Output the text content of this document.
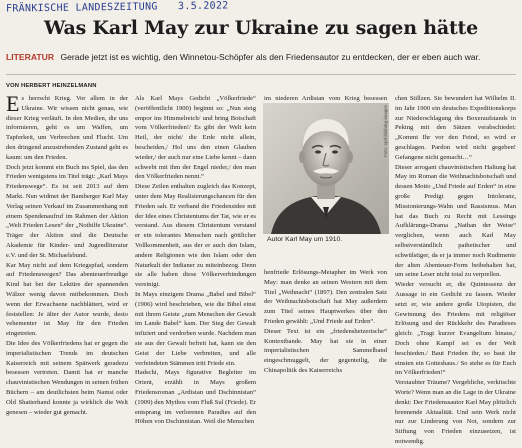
FRÄNKISCHE LANDESZEITUNG 3.5.2022
Was Karl May zur Ukraine zu sagen hätte
LITERATUR Gerade jetzt ist es wichtig, den Winnetou-Schöpfer als den Friedensautor zu entdecken, der er eben auch war.
VON HERBERT HEINZELMANN

Es herrscht Krieg. Vor allem in der Ukraine. Wir wissen nicht genau, wie dieser Krieg verläuft. In den Medien, die uns informieren, geht es um Waffen, um Tapferkeit, um Verbrechen und Flucht. Um den dringend anzustrebenden Zustand geht es kaum: um den Frieden.

Doch jetzt kommt ein Buch ins Spiel, das den Frieden wenigstens im Titel trägt: „Karl Mays Friedenswege“. Es ist seit 2013 auf dem Markt. Nun widmet der Bamberger Karl May Verlag seinen Verkauf im Zusammenhang mit einem Spendenaufruf im Rahmen der Aktion „Welt Frieden Lesen“ der „Nothilfe Ukraine“. Träger der Aktion sind die Deutsche Akademie für Kinder- und Jugendliteratur e.V. und der St. Michaelsbund.

Kar May nicht auf dem Kriegspfad, sondern auf Friedenswegen? Das abenteuerfreudige Kind hat bei der Lektüre der spannenden Wälzer wenig davon mitbekommen. Doch wenn der Erwachsene nachblättert, wird er feststellen: Je älter der Autor wurde, desto vehementer ist May für den Frieden eingetreten.

Die Idee des Völkerfriedens hat er gegen die imperialistischen Trends im deutschen Kaiserreich mit seinem Spätwerk geradezu besessen vertreten. Damit hat er manche chauvinistischen Wendungen in seinen frühen Büchern – am deutlichsten beim Namsi oder Old Shatterhand konnte ja wirklich die Welt genesen – wieder gut gemacht.

Als Karl Mays Gedicht „Völkerfriede“ (veröffentlicht 1900) beginnt so: „Nun steig empor ins Himmelreich/ und bring Botschaft vom Völkerfrieden!/ Es gibt der Welt kein Heil, der nicht/ die Erde nicht allein, bescheiden,/ Hol uns den einen Glauben wieder,/ der auch nur eine Liebe kennt – dann schwebt mit ihm der Engel nieder,/ den man den Völkerfrieden nennt.“

Diese Zeilen enthalten zugleich das Konzept, unter dem May Realisierungschancen für den Frieden sah. Er verband die Friedensidee mit der Idee eines Christentums der Tat, wie er es verstand. Aus diesem Christentum verstand er ein tolerantes Menschen nach göttlicher Vollkommenheit, aus der er auch den Islam, andere Religionen wie den Islam oder den Naturkult der Indianer zu miteinbezog. Denn sie alle haben diese Völkerverbindungen vereinigt.

In Mays einzigem Drama „Babel und Bibel“ (1906) wird beschrieben, wie die Bibel einst mit ihrem Geiste „zum Menschen der Gewalt im Lande Babel“ kam. Der Sieg der Gewalt infiziert und verdorben wurde. Nachdem man sie aus der Gewalt befreit hat, kann sie den Geist der Liebe verbreiten, und alle verfeindeten Stämmen tritt Friede ein.

Hadschi, Mays figurative Begleiter im Orient, erzählt in Mays großem Friedensroman „Ardistan und Dschinnistan“ (1909) den Mythos vom Fluß Sul (Friede). Er entsprang im verlorenen Paradies auf den Höhen von Dschinnistan. Weil die Menschen

im niederen Ardistan vom Krieg besessen

Foto: epd-bild/akg-images
Autor Karl May um 1910.

henfriede Erlösungs-Metapher im Werk von May: man denke an seinen Western mit dem Titel „Weihnacht“ (1897). Den zentralen Satz der Weihnachtsbotschaft hat May außerdem zum Titel seines Hauptwerkes über den Frieden gewählt: „Und Friede auf Erden“.

Dieser Text ist ein „friedenshetzerische“ Kontextbande. May hat sie in einer imperialistischen Sammelband eingeschmuggelt, der gegenteilig, die Chinapolitik des Kaiserreichs

chen Stillzen. Sie bewundert hat Wilhelm II. im Jahr 1900 ein deutsches Expeditionskorps zur Niederschlagung des Boxeraufstands in Peking mit den Sätzen verabschiedet: „Kommt Ihr vor den Feind, so wird er geschlagen. Pardon wird nicht gegeben! Gefangene nicht gemacht…“

Dieser arrogant chauvinistischen Haltung hat May im Roman die Weihnachtsbotschaft und dessen Motto „Und Friede auf Erden“ in eine große Predigt gegen Intoleranz, Missionierungs-Wahn und Rassismus. Man hat das Buch zu Recht mit Lessings Aufklärungs-Drama „Nathan der Weise“ verglichen, wenn auch Karl May selbstverständlich pathetischer und schwülstiger, da er ja immer noch Rudimente der alten Abenteuer-Form beibehalten hat, um seine Leser nicht total zu verprellen.

Wieder versucht er, die Quintessenz der Aussage in ein Gedicht zu fassen. Wieder setzt er, wie andere große Utopisten, die Gewinnung des Friedens mit religiöser Erlösung und der Rückkehr des Paradieses gleich: „Tragt kurzer Evangelium hinaus,/ Doch ohne Kampf sei es der Welt beschieden./ Baut Frieden ihr, so baut ihr einsten ein Gotteshaus./ So stehe es für Euch im Völkerfrieden!“

Verstaubter Träume? Vergebliche, verkitschte Worte? Wenn man an die Lage in der Ukraine denkt: Der Friedenssautor Karl May plötzlich brennende Aktualität. Und sein Werk nicht nur zur Linderung von Not, sondern zur Stiftung von Frieden einzusetzen, ist notwendig.
